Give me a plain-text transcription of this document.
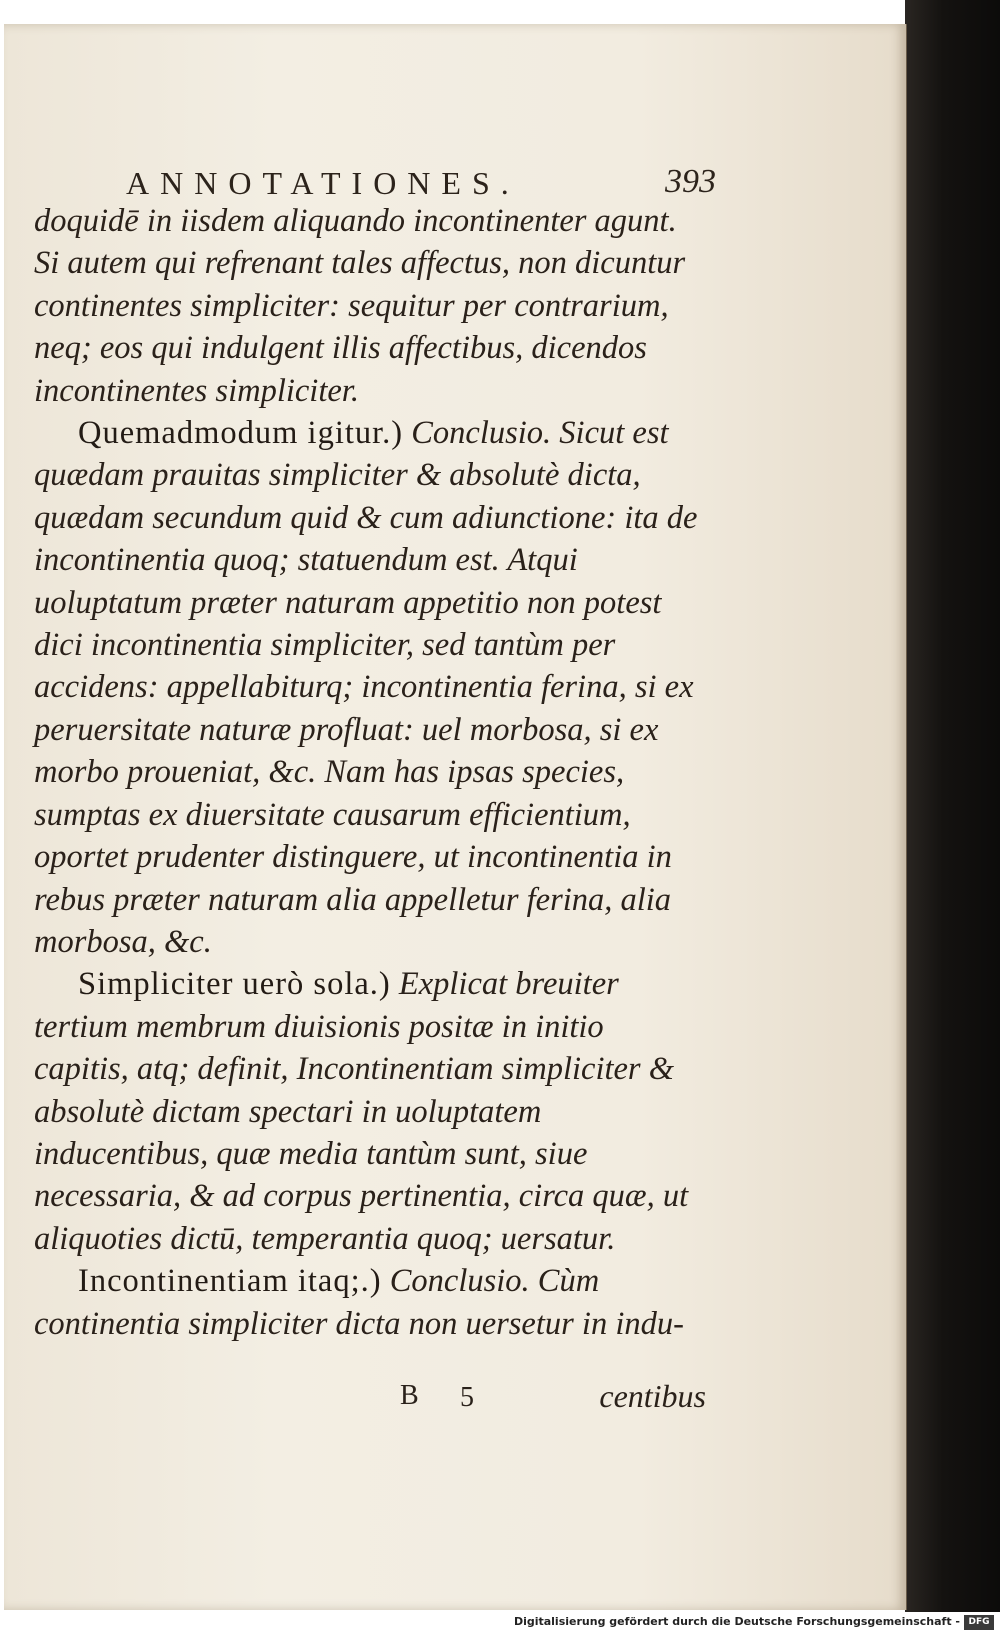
ANNOTATIONES.	393

doquidē in iisdem aliquando incontinenter agunt. Si autem qui refrenant tales affectus, non dicuntur continentes simpliciter: sequitur per contrarium, neq; eos qui indulgent illis affectibus, dicendos incontinentes simpliciter.

Quemadmodum igitur.) Conclusio. Sicut est quædam prauitas simpliciter & absolutè dicta, quædam secundum quid & cum adiunctione: ita de incontinentia quoq; statuendum est. Atqui uoluptatum præter naturam appetitio non potest dici incontinentia simpliciter, sed tantùm per accidens: appellabiturq; incontinentia ferina, si ex peruersitate naturæ profluat: uel morbosa, si ex morbo proueniat, &c. Nam has ipsas species, sumptas ex diuersitate causarum efficientium, oportet prudenter distinguere, ut incontinentia in rebus præter naturam alia appelletur ferina, alia morbosa, &c.

Simpliciter uerò sola.) Explicat breuiter tertium membrum diuisionis positæ in initio capitis, atq; definit, Incontinentiam simpliciter & absolutè dictam spectari in uoluptatem inducentibus, quæ media tantùm sunt, siue necessaria, & ad corpus pertinentia, circa quæ, ut aliquoties dictū, temperantia quoq; uersatur.

Incontinentiam itaq;.) Conclusio. Cùm continentia simpliciter dicta non uersetur in indu-

B 5	centibus
Digitalisierung gefördert durch die Deutsche Forschungsgemeinschaft - DFG
